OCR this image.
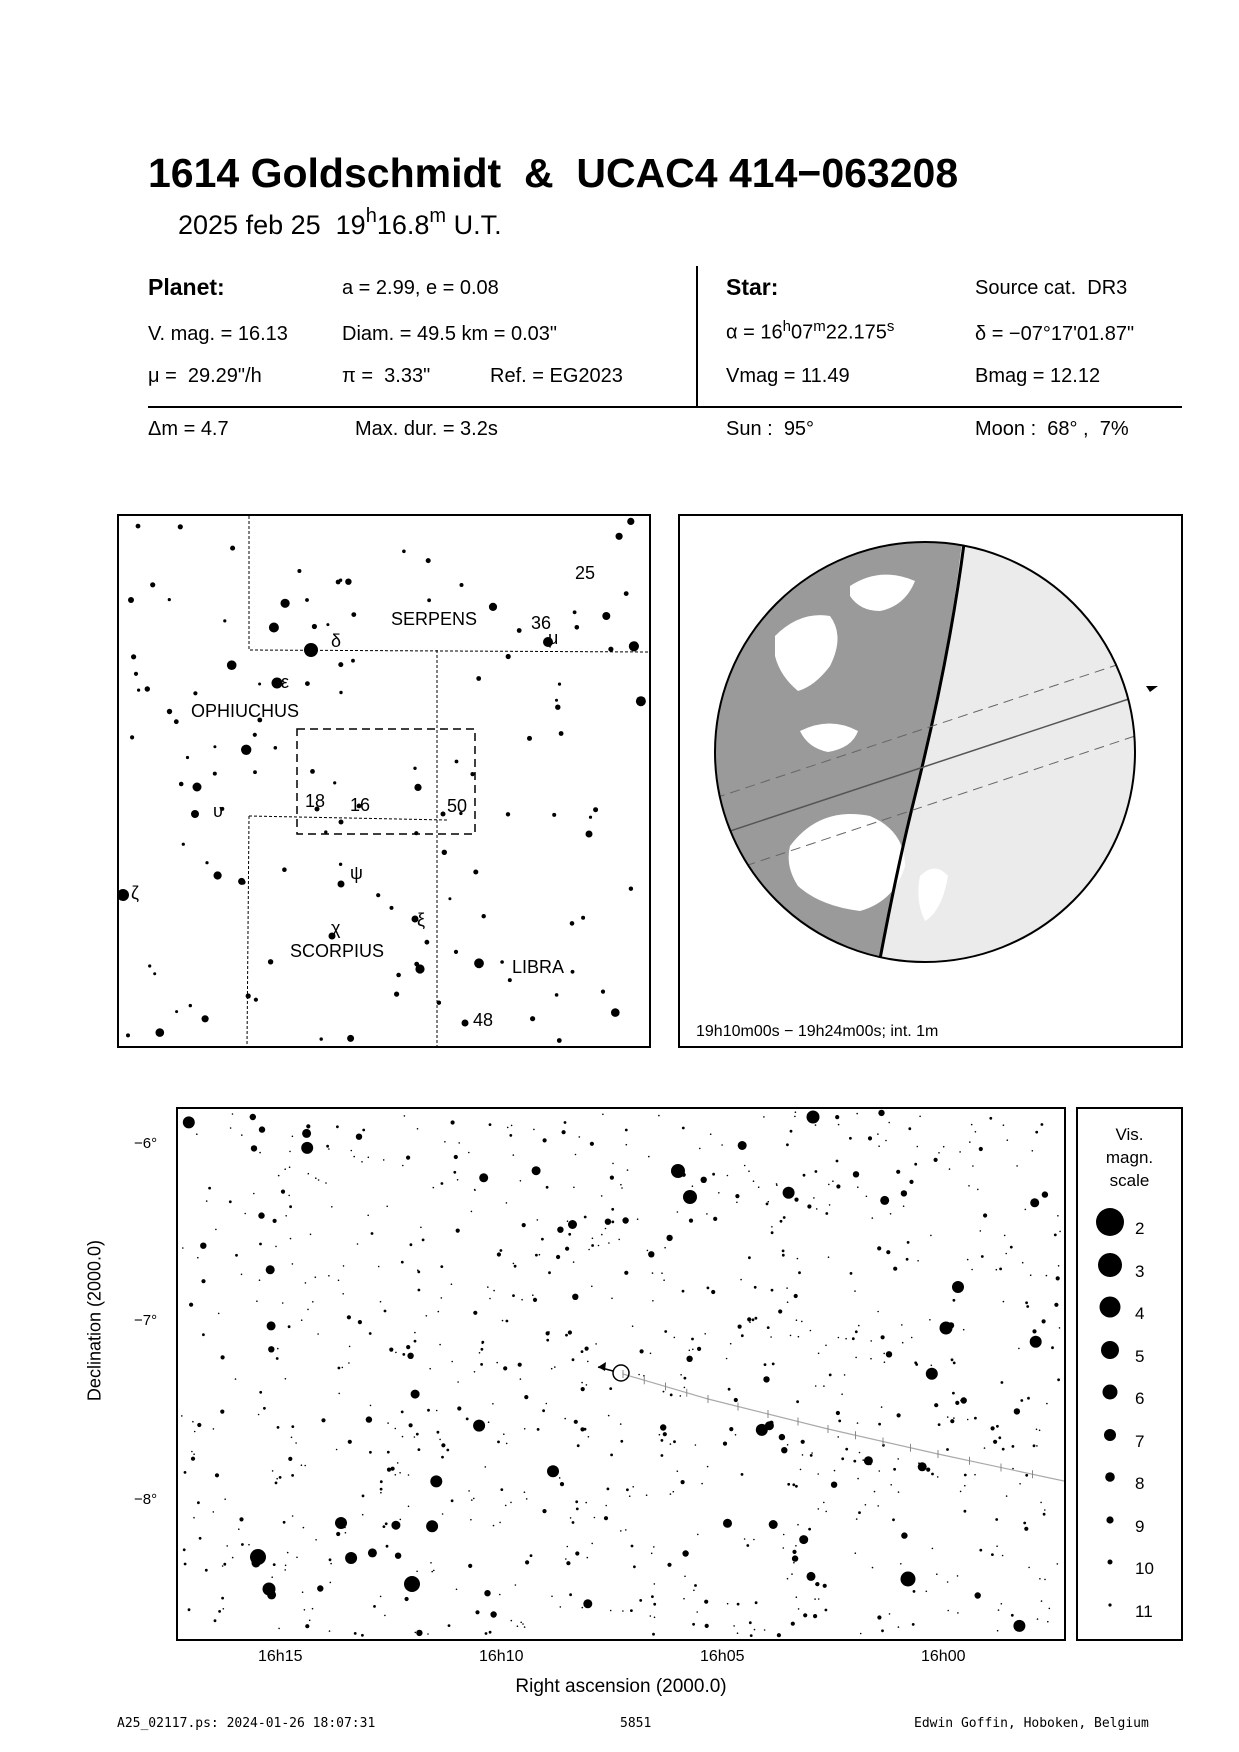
1614 Goldschmidt  &  UCAC4 414−063208
2025 feb 25 19$^h$16.8$^m$ U.T.
Planet:	a = 2.99, e = 0.08
V. mag. = 16.13	Diam. = 49.5 km = 0.03"
μ =  29.29"/h	π =  3.33"	Ref. = EG2023
Star:	Source cat.  DR3
$\alpha = 16^h07^m22.175^s$	δ = −07°17'01.87"
Vmag = 11.49	Bmag = 12.12
Δm = 4.7	Max. dur. = 3.2s	Sun :  95°	Moon :  68° ,  7%
SERPENS
OPHIUCHUS
SCORPIUS
LIBRA
25
36
μ
δ
ε
18 16	50
υ
ζ
ψ
ξ
χ
48
19h10m00s − 19h24m00s; int. 1m
Declination (2000.0)
−6°
−7°
−8°
16h15	16h10	16h05	16h00
Right ascension (2000.0)
Vis.
magn.
scale
2
3
4
5
6
7
8
9
10
11
A25_02117.ps: 2024-01-26 18:07:31	5851	Edwin Goffin, Hoboken, Belgium
